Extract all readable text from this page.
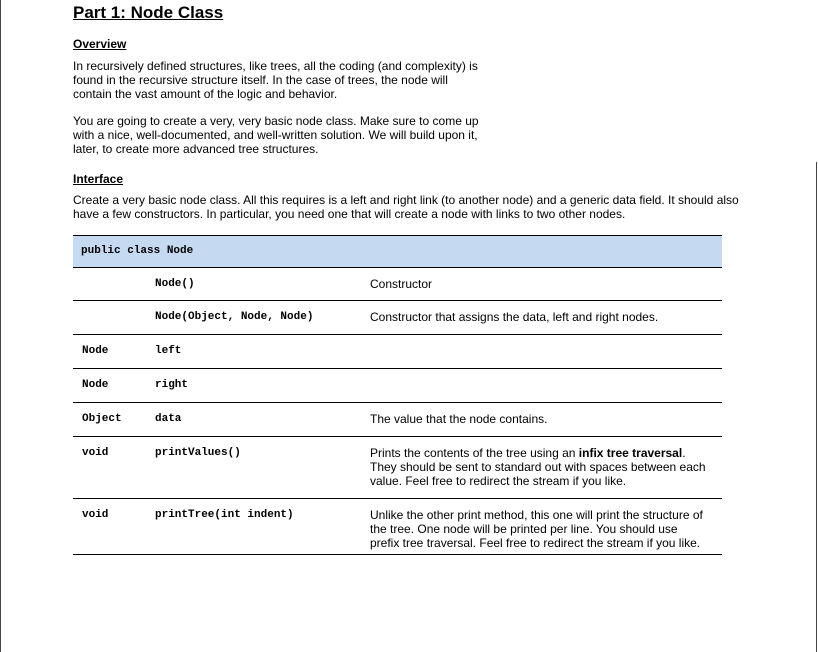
Part 1: Node Class
Overview
In recursively defined structures, like trees, all the coding (and complexity) is
found in the recursive structure itself. In the case of trees, the node will
contain the vast amount of the logic and behavior.
You are going to create a very, very basic node class. Make sure to come up
with a nice, well-documented, and well-written solution. We will build upon it,
later, to create more advanced tree structures.
Interface
Create a very basic node class. All this requires is a left and right link (to another node) and a generic data field. It should also
have a few constructors. In particular, you need one that will create a node with links to two other nodes.
public class Node		
	Node()	Constructor
	Node(Object, Node, Node)	Constructor that assigns the data, left and right nodes.
Node	left	
Node	right	
Object	data	The value that the node contains.
void	printValues()	Prints the contents of the tree using an infix tree traversal.
They should be sent to standard out with spaces between each
value. Feel free to redirect the stream if you like.

void	printTree(int indent)	Unlike the other print method, this one will print the structure of
the tree. One node will be printed per line. You should use
prefix tree traversal. Feel free to redirect the stream if you like.
